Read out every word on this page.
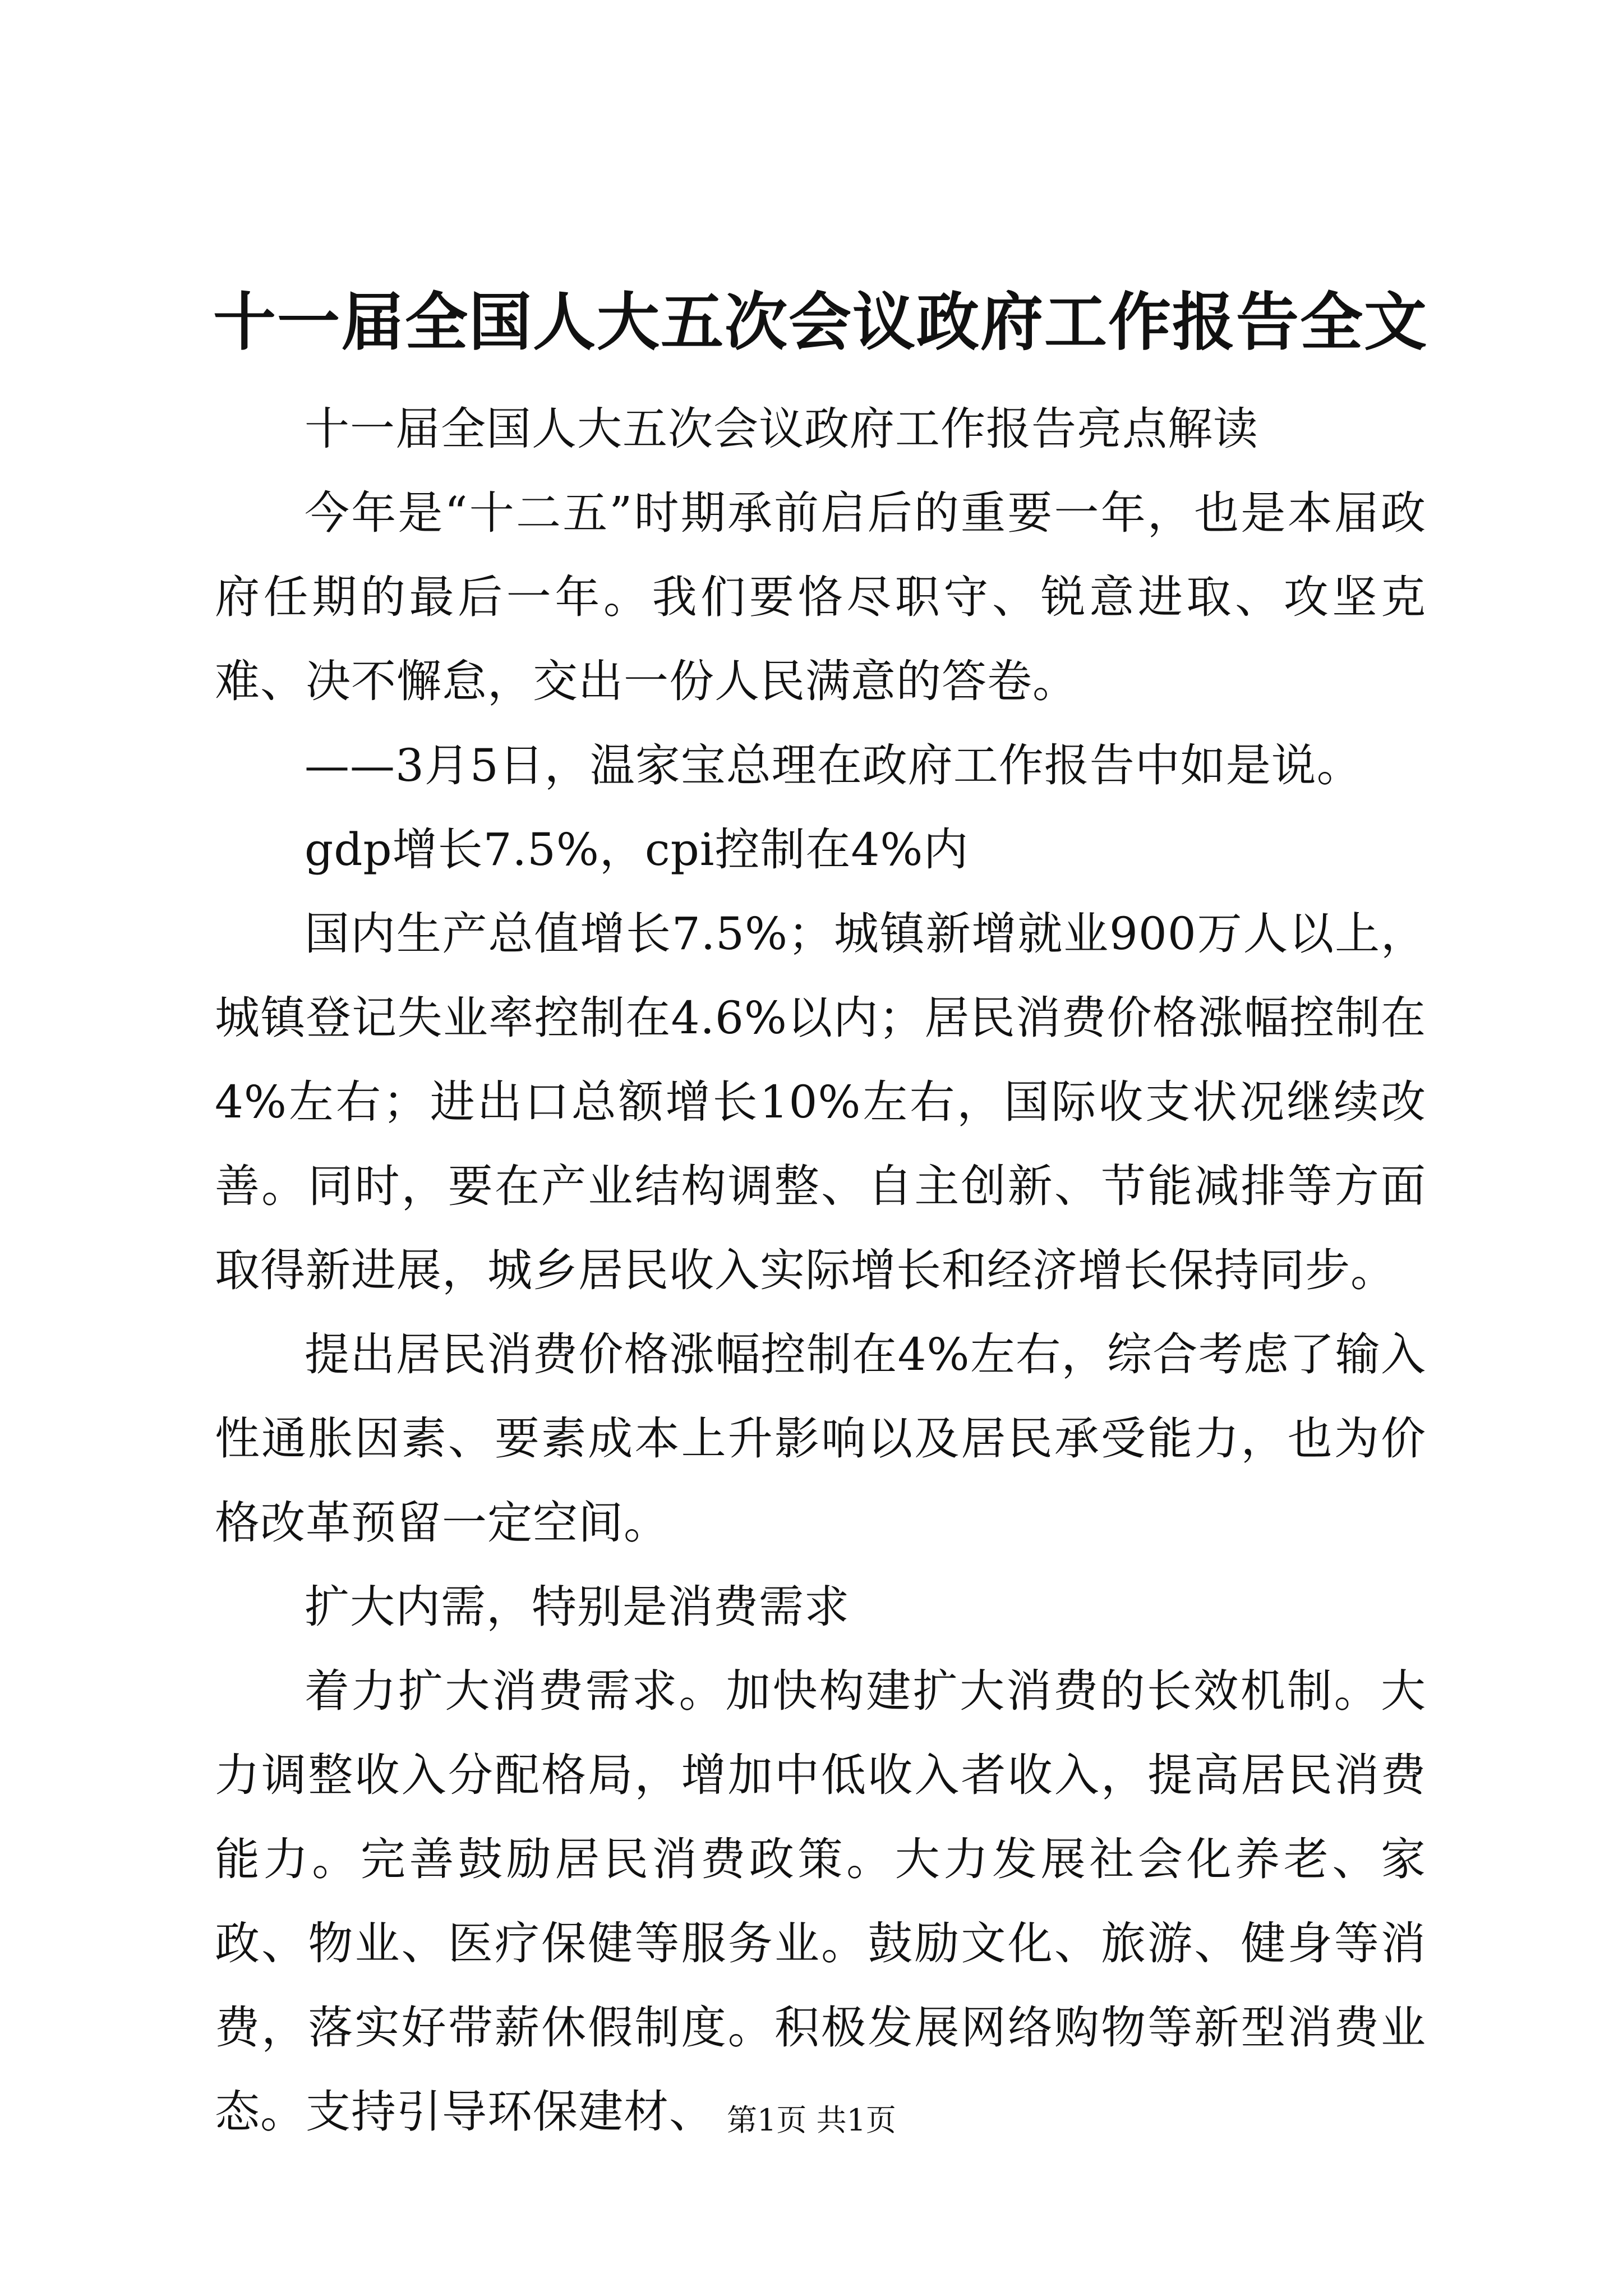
十一届全国人大五次会议政府工作报告全文

十一届全国人大五次会议政府工作报告亮点解读

今年是“十二五”时期承前启后的重要一年，也是本届政府任期的最后一年。我们要恪尽职守、锐意进取、攻坚克难、决不懈怠，交出一份人民满意的答卷。

——3月5日，温家宝总理在政府工作报告中如是说。

gdp增长7.5%，cpi控制在4%内

国内生产总值增长7.5%；城镇新增就业900万人以上，城镇登记失业率控制在4.6%以内；居民消费价格涨幅控制在4%左右；进出口总额增长10%左右，国际收支状况继续改善。同时，要在产业结构调整、自主创新、节能减排等方面取得新进展，城乡居民收入实际增长和经济增长保持同步。

提出居民消费价格涨幅控制在4%左右，综合考虑了输入性通胀因素、要素成本上升影响以及居民承受能力，也为价格改革预留一定空间。

扩大内需，特别是消费需求

着力扩大消费需求。加快构建扩大消费的长效机制。大力调整收入分配格局，增加中低收入者收入，提高居民消费能力。完善鼓励居民消费政策。大力发展社会化养老、家政、物业、医疗保健等服务业。鼓励文化、旅游、健身等消费，落实好带薪休假制度。积极发展网络购物等新型消费业态。支持引导环保建材、 第1页 共1页
